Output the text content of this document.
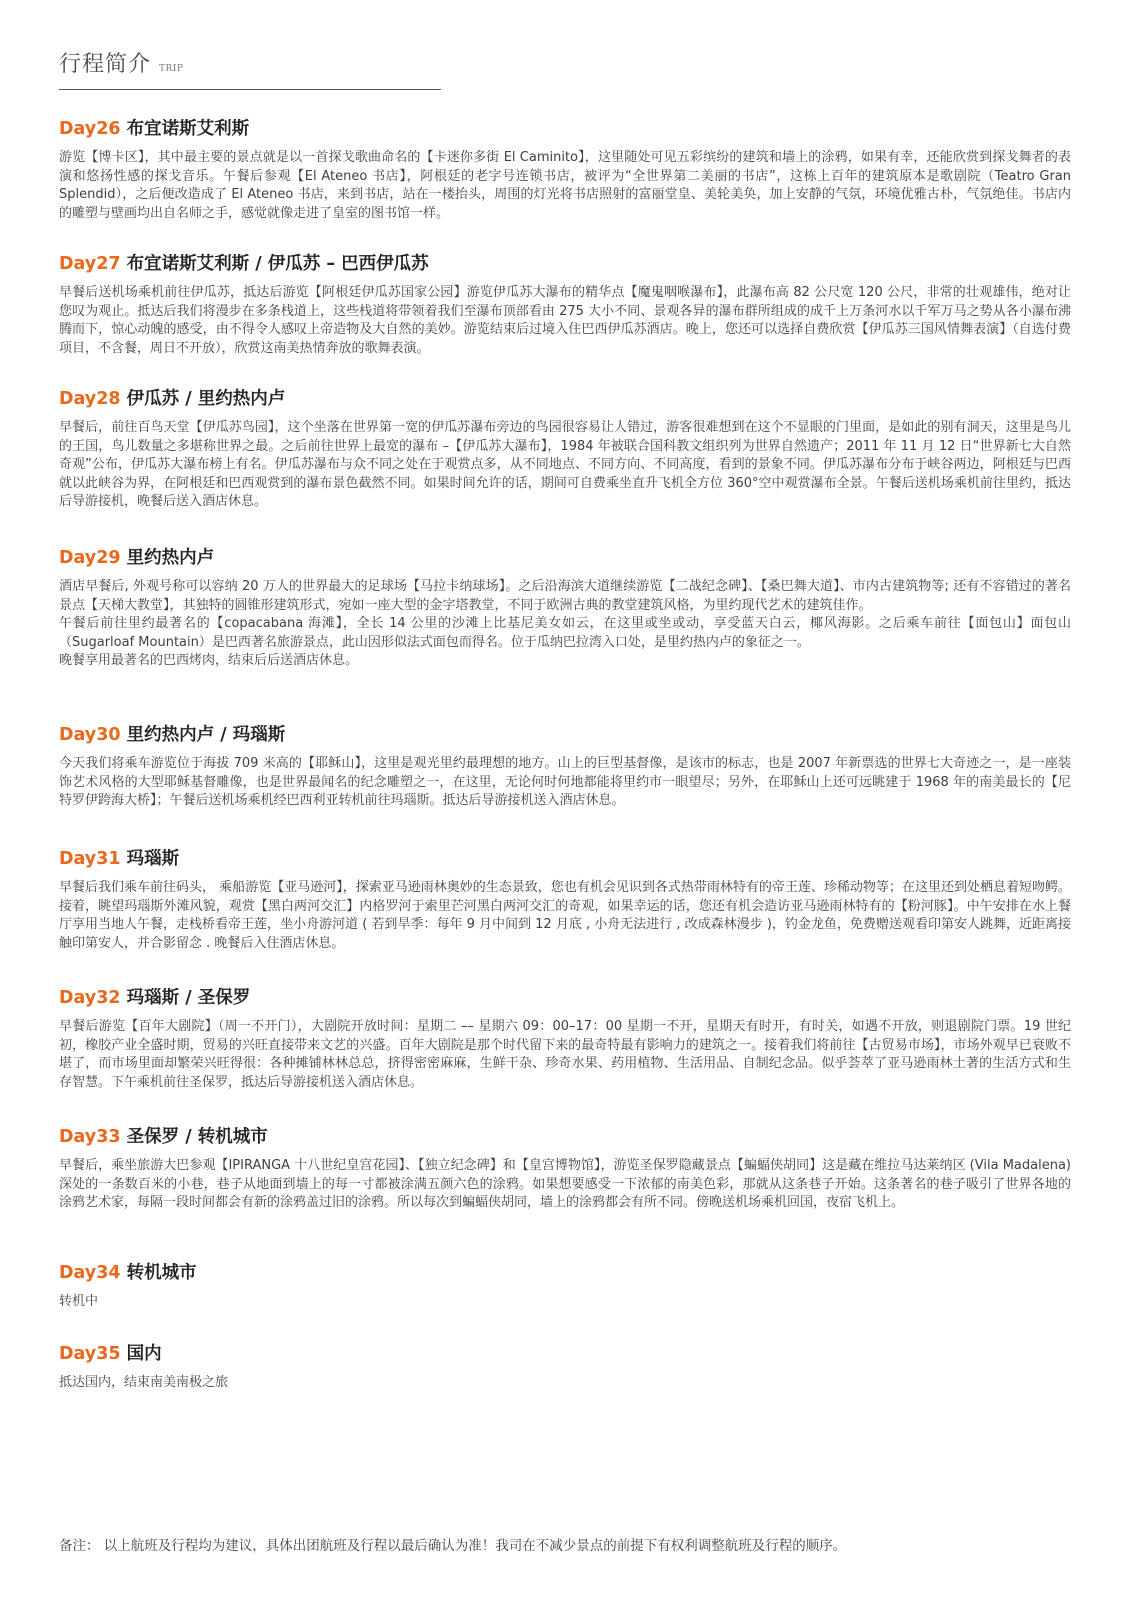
行程简介 TRIP
Day26 布宜诺斯艾利斯

游览【博卡区】，其中最主要的景点就是以一首探戈歌曲命名的【卡迷你多街 El Caminito】，这里随处可见五彩缤纷的建筑和墙上的涂鸦，如果有幸，还能欣赏到探戈舞者的表演和悠扬性感的探戈音乐。午餐后参观【El Ateneo 书店】，阿根廷的老字号连锁书店，被评为“全世界第二美丽的书店”，这栋上百年的建筑原本是歌剧院（Teatro Gran Splendid），之后便改造成了 El Ateneo 书店，来到书店，站在一楼抬头，周围的灯光将书店照射的富丽堂皇、美轮美奂，加上安静的气氛，环境优雅古朴，气氛绝佳。书店内的雕塑与壁画均出自名师之手，感觉就像走进了皇室的图书馆一样。

Day27 布宜诺斯艾利斯 / 伊瓜苏 – 巴西伊瓜苏

早餐后送机场乘机前往伊瓜苏，抵达后游览【阿根廷伊瓜苏国家公园】游览伊瓜苏大瀑布的精华点【魔鬼咽喉瀑布】，此瀑布高 82 公尺宽 120 公尺，非常的壮观雄伟，绝对让您叹为观止。抵达后我们将漫步在多条栈道上，这些栈道将带领着我们至瀑布顶部看由 275 大小不同、景观各异的瀑布群所组成的成千上万条河水以千军万马之势从各小瀑布沸腾而下，惊心动魄的感受，由不得令人感叹上帝造物及大自然的美妙。游览结束后过境入住巴西伊瓜苏酒店。晚上，您还可以选择自费欣赏【伊瓜苏三国风情舞表演】（自选付费项目，不含餐，周日不开放），欣赏这南美热情奔放的歌舞表演。

Day28 伊瓜苏 / 里约热内卢

早餐后，前往百鸟天堂【伊瓜苏鸟园】，这个坐落在世界第一宽的伊瓜苏瀑布旁边的鸟园很容易让人错过，游客很难想到在这个不显眼的门里面，是如此的别有洞天，这里是鸟儿的王国，鸟儿数量之多堪称世界之最。之后前往世界上最宽的瀑布 –【伊瓜苏大瀑布】，1984 年被联合国科教文组织列为世界自然遗产；2011 年 11 月 12 日“世界新七大自然奇观”公布，伊瓜苏大瀑布榜上有名。伊瓜苏瀑布与众不同之处在于观赏点多，从不同地点、不同方向、不同高度，看到的景象不同。伊瓜苏瀑布分布于峡谷两边，阿根廷与巴西就以此峡谷为界，在阿根廷和巴西观赏到的瀑布景色截然不同。如果时间允许的话，期间可自费乘坐直升飞机全方位 360°空中观赏瀑布全景。午餐后送机场乘机前往里约，抵达后导游接机，晚餐后送入酒店休息。

Day29 里约热内卢

酒店早餐后, 外观号称可以容纳 20 万人的世界最大的足球场【马拉卡纳球场】。之后沿海滨大道继续游览【二战纪念碑】、【桑巴舞大道】、市内古建筑物等; 还有不容错过的著名景点【天梯大教堂】，其独特的圆锥形建筑形式，宛如一座大型的金字塔教堂，不同于欧洲古典的教堂建筑风格，为里约现代艺术的建筑佳作。

午餐后前往里约最著名的【copacabana 海滩】，全长 14 公里的沙滩上比基尼美女如云，在这里或坐或动，享受蓝天白云，椰风海影。之后乘车前往【面包山】面包山（Sugarloaf Mountain）是巴西著名旅游景点，此山因形似法式面包而得名。位于瓜纳巴拉湾入口处，是里约热内卢的象征之一。

晚餐享用最著名的巴西烤肉，结束后后送酒店休息。

Day30 里约热内卢 / 玛瑙斯

今天我们将乘车游览位于海拔 709 米高的【耶稣山】，这里是观光里约最理想的地方。山上的巨型基督像，是该市的标志，也是 2007 年新票选的世界七大奇迹之一，是一座装饰艺术风格的大型耶稣基督雕像，也是世界最闻名的纪念雕塑之一，在这里，无论何时何地都能将里约市一眼望尽；另外，在耶稣山上还可远眺建于 1968 年的南美最长的【尼特罗伊跨海大桥】；午餐后送机场乘机经巴西利亚转机前往玛瑙斯。抵达后导游接机送入酒店休息。

Day31 玛瑙斯

早餐后我们乘车前往码头， 乘船游览【亚马逊河】，探索亚马逊雨林奥妙的生态景致，您也有机会见识到各式热带雨林特有的帝王莲、珍稀动物等；在这里还到处栖息着短吻鳄。接着，眺望玛瑙斯外滩风貌，观赏【黑白两河交汇】内格罗河于索里芒河黑白两河交汇的奇观，如果幸运的话，您还有机会造访亚马逊雨林特有的【粉河豚】。中午安排在水上餐厅享用当地人午餐，走栈桥看帝王莲，坐小舟游河道 ( 若到旱季：每年 9 月中间到 12 月底 , 小舟无法进行 , 改成森林漫步 )，钓金龙鱼，免费赠送观看印第安人跳舞，近距离接触印第安人，并合影留念 . 晚餐后入住酒店休息。

Day32 玛瑙斯 / 圣保罗

早餐后游览【百年大剧院】（周一不开门），大剧院开放时间：星期二 –– 星期六 09：00–17：00 星期一不开，星期天有时开，有时关，如遇不开放，则退剧院门票。19 世纪初，橡胶产业全盛时期，贸易的兴旺直接带来文艺的兴盛。百年大剧院是那个时代留下来的最奇特最有影响力的建筑之一。接着我们将前往【古贸易市场】，市场外观早已衰败不堪了，而市场里面却繁荣兴旺得很：各种摊铺林林总总，挤得密密麻麻，生鲜干杂、珍奇水果、药用植物、生活用品、自制纪念品。似乎荟萃了亚马逊雨林土著的生活方式和生存智慧。下午乘机前往圣保罗，抵达后导游接机送入酒店休息。

Day33 圣保罗 / 转机城市

早餐后，乘坐旅游大巴参观【IPIRANGA 十八世纪皇宫花园】、【独立纪念碑】和【皇宫博物馆】，游览圣保罗隐藏景点【蝙蝠侠胡同】这是藏在维拉马达莱纳区 (Vila Madalena) 深处的一条数百米的小巷，巷子从地面到墙上的每一寸都被涂满五颜六色的涂鸦。如果想要感受一下浓郁的南美色彩，那就从这条巷子开始。这条著名的巷子吸引了世界各地的涂鸦艺术家，每隔一段时间都会有新的涂鸦盖过旧的涂鸦。所以每次到蝙蝠侠胡同，墙上的涂鸦都会有所不同。傍晚送机场乘机回国，夜宿飞机上。

Day34 转机城市

转机中

Day35 国内

抵达国内，结束南美南极之旅

备注： 以上航班及行程均为建议，具体出团航班及行程以最后确认为准！我司在不减少景点的前提下有权利调整航班及行程的顺序。
